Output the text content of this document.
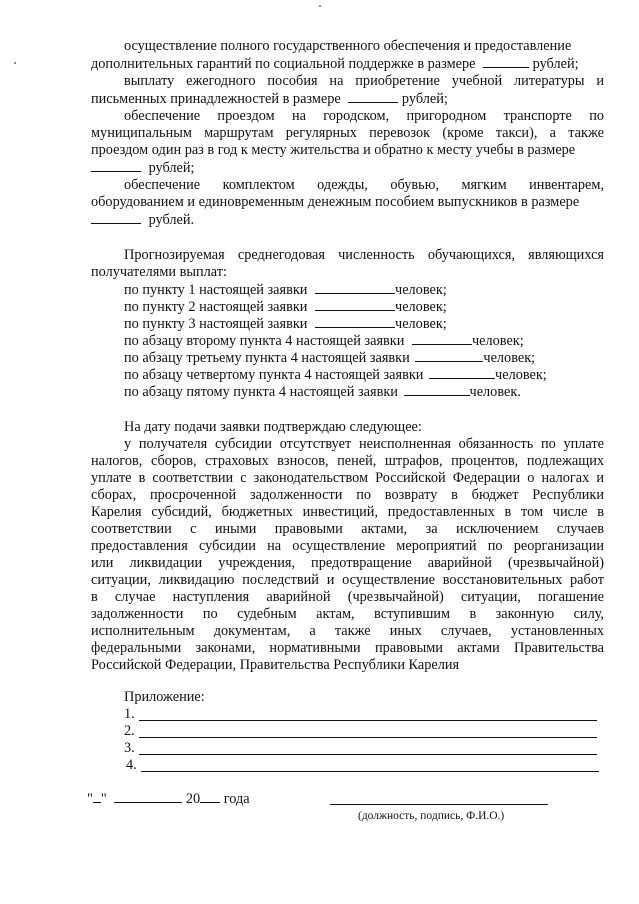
осуществление полного государственного обеспечения и предоставление
дополнительных гарантий по социальной поддержке в размере	рублей;
выплату ежегодного пособия на приобретение учебной литературы и
письменных принадлежностей в размере	рублей;
обеспечение проездом на городском, пригородном транспорте по
муниципальным маршрутам регулярных перевозок (кроме такси), а также
проездом один раз в год к месту жительства и обратно к месту учебы в размере
рублей;
обеспечение комплектом одежды, обувью, мягким инвентарем,
оборудованием и единовременным денежным пособием выпускников в размере
рублей.
Прогнозируемая среднегодовая численность обучающихся, являющихся
получателями выплат:
по пункту 1 настоящей заявки	человек;
по пункту 2 настоящей заявки	человек;
по пункту 3 настоящей заявки	человек;
по абзацу второму пункта 4 настоящей заявки	человек;
по абзацу третьему пункта 4 настоящей заявки	человек;
по абзацу четвертому пункта 4 настоящей заявки	человек;
по абзацу пятому пункта 4 настоящей заявки	человек.
На дату подачи заявки подтверждаю следующее:
у получателя субсидии отсутствует неисполненная обязанность по уплате
налогов, сборов, страховых взносов, пеней, штрафов, процентов, подлежащих
уплате в соответствии с законодательством Российской Федерации о налогах и
сборах, просроченной задолженности по возврату в бюджет Республики
Карелия субсидий, бюджетных инвестиций, предоставленных в том числе в
соответствии с иными правовыми актами, за исключением случаев
предоставления субсидии на осуществление мероприятий по реорганизации
или ликвидации учреждения, предотвращение аварийной (чрезвычайной)
ситуации, ликвидацию последствий и осуществление восстановительных работ
в случае наступления аварийной (чрезвычайной) ситуации, погашение
задолженности по судебным актам, вступившим в законную силу,
исполнительным документам, а также иных случаев, установленных
федеральными законами, нормативными правовыми актами Правительства
Российской Федерации, Правительства Республики Карелия
Приложение:
1.
2.
3.
4.
" "	20 года
(должность, подпись, Ф.И.О.)
